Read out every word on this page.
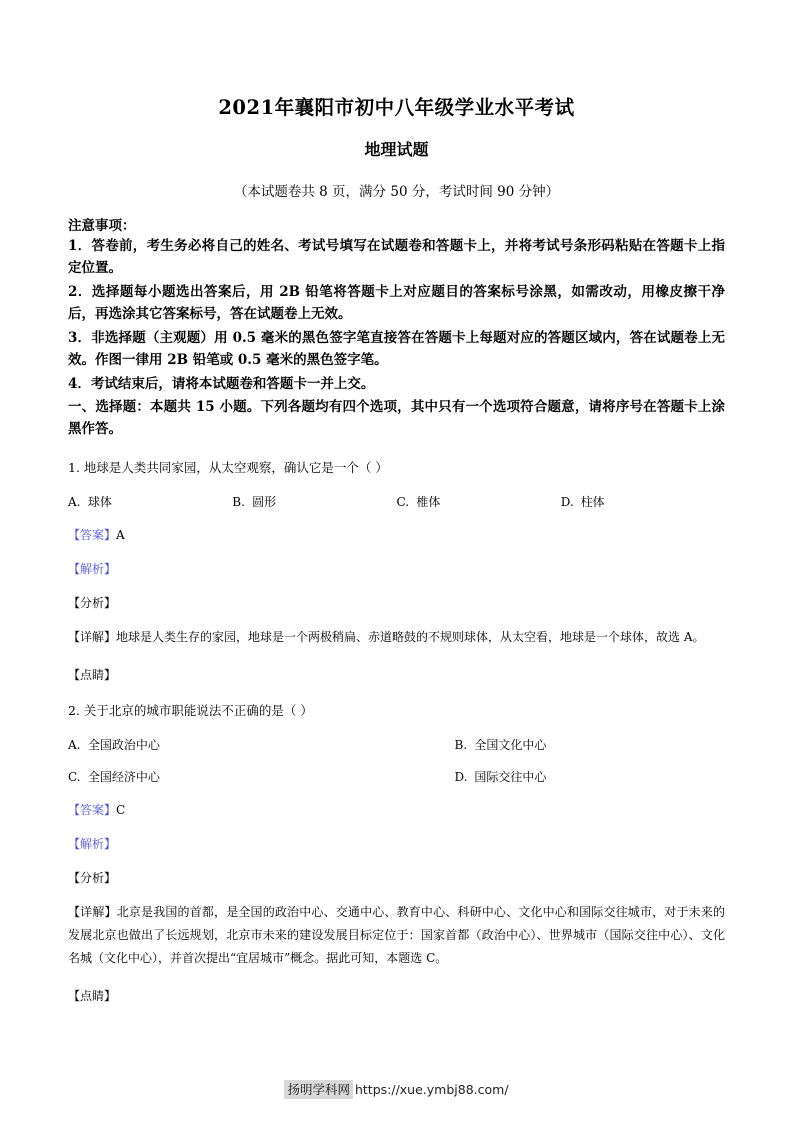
2021年襄阳市初中八年级学业水平考试
地理试题
（本试题卷共 8 页，满分 50 分，考试时间 90 分钟）
注意事项：
1．答卷前，考生务必将自己的姓名、考试号填写在试题卷和答题卡上，并将考试号条形码粘贴在答题卡上指定位置。
2．选择题每小题选出答案后，用 2B 铅笔将答题卡上对应题目的答案标号涂黑，如需改动，用橡皮擦干净后，再选涂其它答案标号，答在试题卷上无效。
3．非选择题（主观题）用 0.5 毫米的黑色签字笔直接答在答题卡上每题对应的答题区域内，答在试题卷上无效。作图一律用 2B 铅笔或 0.5 毫米的黑色签字笔。
4．考试结束后，请将本试题卷和答题卡一并上交。
一、选择题：本题共 15 小题。下列各题均有四个选项，其中只有一个选项符合题意，请将序号在答题卡上涂黑作答。
1. 地球是人类共同家园，从太空观察，确认它是一个（ ）
A. 球体	B. 圆形	C. 椎体	D. 柱体
【答案】A
【解析】
【分析】
【详解】地球是人类生存的家园，地球是一个两极稍扁、赤道略鼓的不规则球体，从太空看，地球是一个球体，故选 A。
【点睛】
2. 关于北京的城市职能说法不正确的是（ ）
A. 全国政治中心	B. 全国文化中心
C. 全国经济中心	D. 国际交往中心
【答案】C
【解析】
【分析】
【详解】北京是我国的首都，是全国的政治中心、交通中心、教育中心、科研中心、文化中心和国际交往城市，对于未来的发展北京也做出了长远规划，北京市未来的建设发展目标定位于：国家首都（政治中心）、世界城市（国际交往中心）、文化名城（文化中心），并首次提出“宜居城市”概念。据此可知，本题选 C。
【点睛】
扬明学科网 https://xue.ymbj88.com/
